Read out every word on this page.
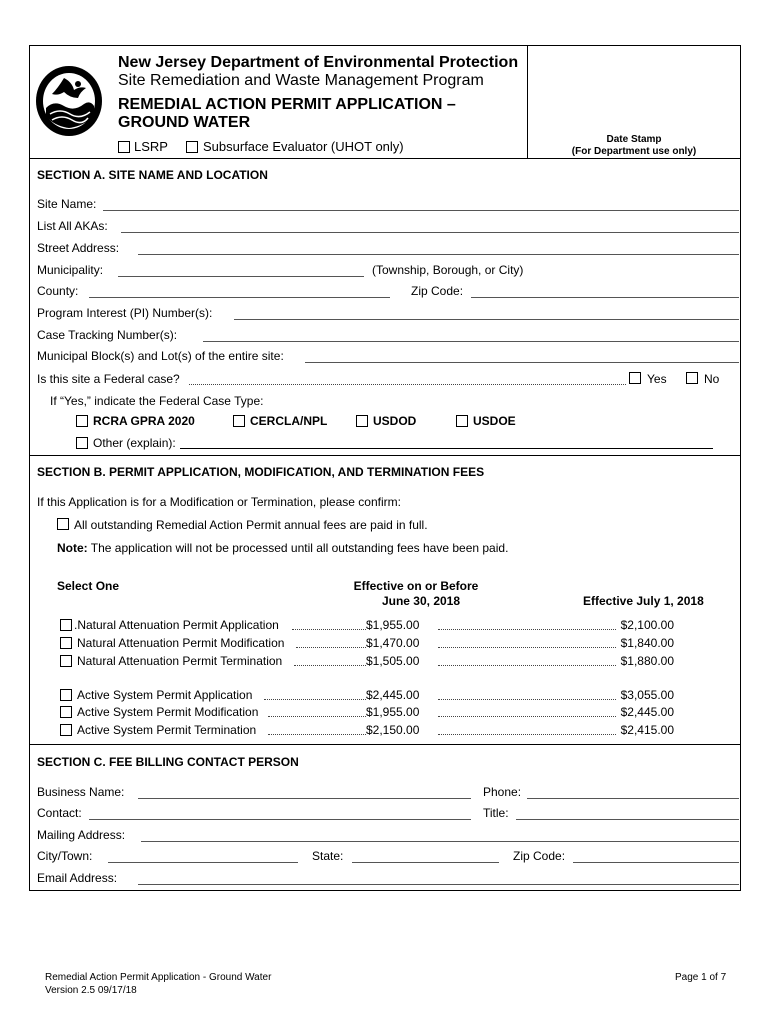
New Jersey Department of Environmental Protection
Site Remediation and Waste Management Program
REMEDIAL ACTION PERMIT APPLICATION –
GROUND WATER
LSRP	Subsurface Evaluator (UHOT only)	Date Stamp
(For Department use only)
SECTION A. SITE NAME AND LOCATION
Site Name:
List All AKAs:
Street Address:
Municipality:	(Township, Borough, or City)
County:	Zip Code:
Program Interest (PI) Number(s):
Case Tracking Number(s):
Municipal Block(s) and Lot(s) of the entire site:
Is this site a Federal case?	Yes	No
If “Yes,” indicate the Federal Case Type:
RCRA GPRA 2020	CERCLA/NPL	USDOD	USDOE
Other (explain):
SECTION B. PERMIT APPLICATION, MODIFICATION, AND TERMINATION FEES
If this Application is for a Modification or Termination, please confirm:
All outstanding Remedial Action Permit annual fees are paid in full.
Note: The application will not be processed until all outstanding fees have been paid.
Select One	Effective on or Before
June 30, 2018	Effective July 1, 2018
.Natural Attenuation Permit Application	$1,955.00	$2,100.00
Natural Attenuation Permit Modification	$1,470.00	$1,840.00
Natural Attenuation Permit Termination	$1,505.00	$1,880.00
Active System Permit Application	$2,445.00	$3,055.00
Active System Permit Modification	$1,955.00	$2,445.00
Active System Permit Termination	$2,150.00	$2,415.00
SECTION C. FEE BILLING CONTACT PERSON
Business Name:	Phone:
Contact:	Title:
Mailing Address:
City/Town:	State:	Zip Code:
Email Address:
Remedial Action Permit Application - Ground Water
Version 2.5 09/17/18
Page 1 of 7
